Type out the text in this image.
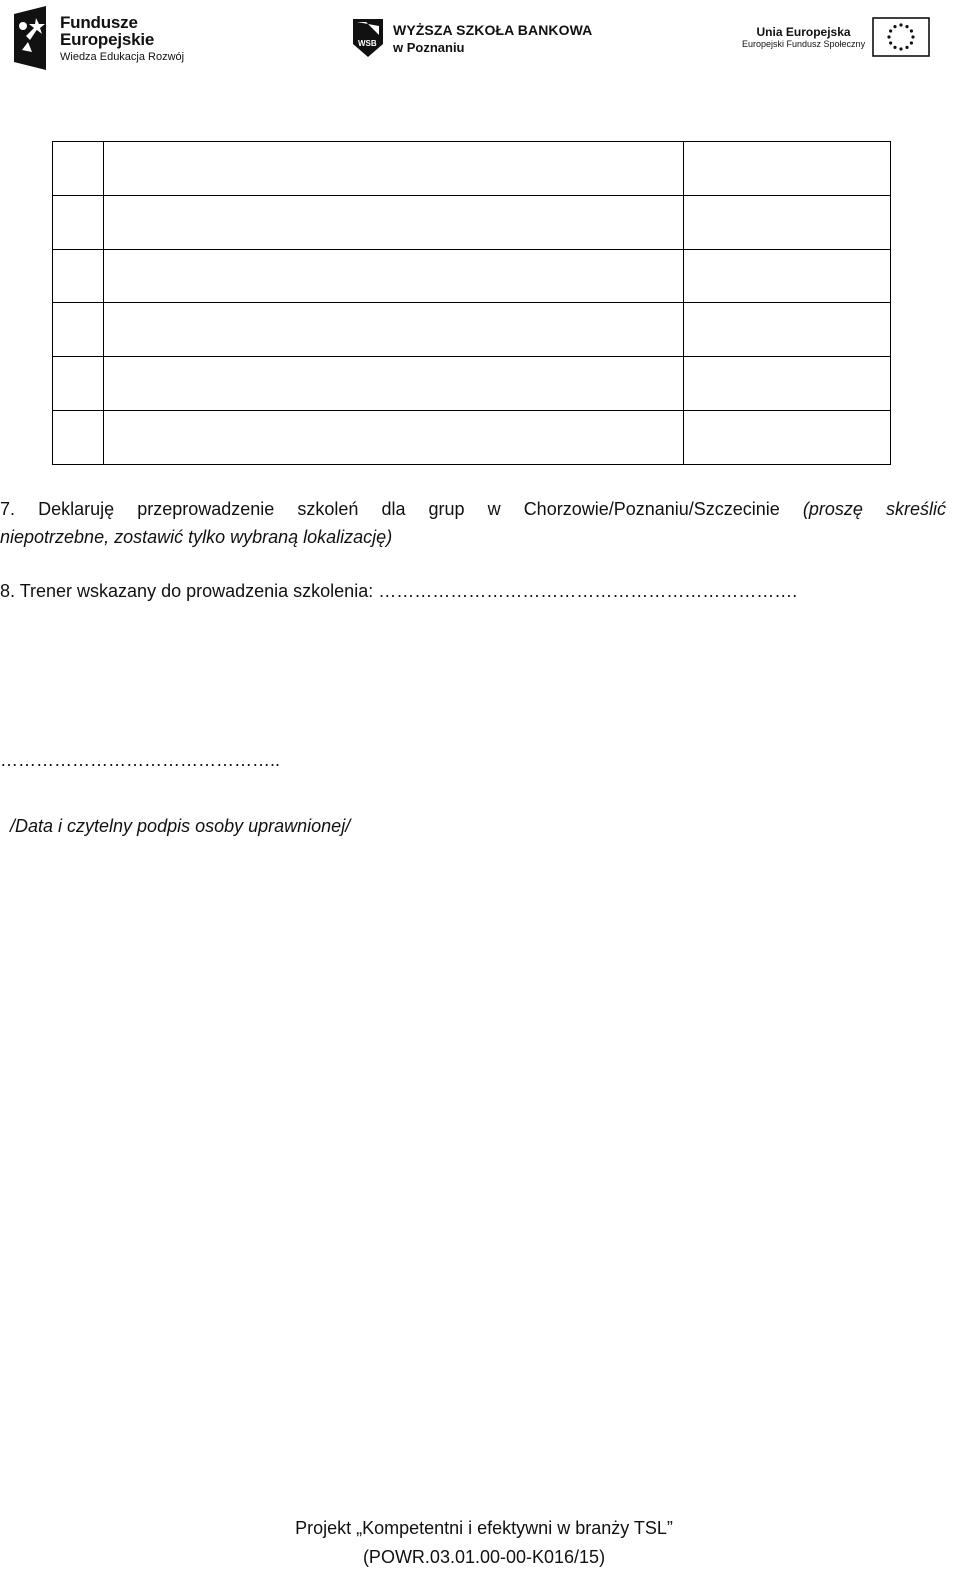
Fundusze
Europejskie
Wiedza Edukacja Rozwój
WSB
WYŻSZA SZKOŁA BANKOWA
w Poznaniu
Unia Europejska
Europejski Fundusz Społeczny

7. Deklaruję przeprowadzenie szkoleń dla grup w Chorzowie/Poznaniu/Szczecinie (proszę skreślić
niepotrzebne, zostawić tylko wybraną lokalizację)
8. Trener wskazany do prowadzenia szkolenia: …………………………………………………………….
………………………………………..
/Data i czytelny podpis osoby uprawnionej/
Projekt „Kompetentni i efektywni w branży TSL”
(POWR.03.01.00-00-K016/15)
